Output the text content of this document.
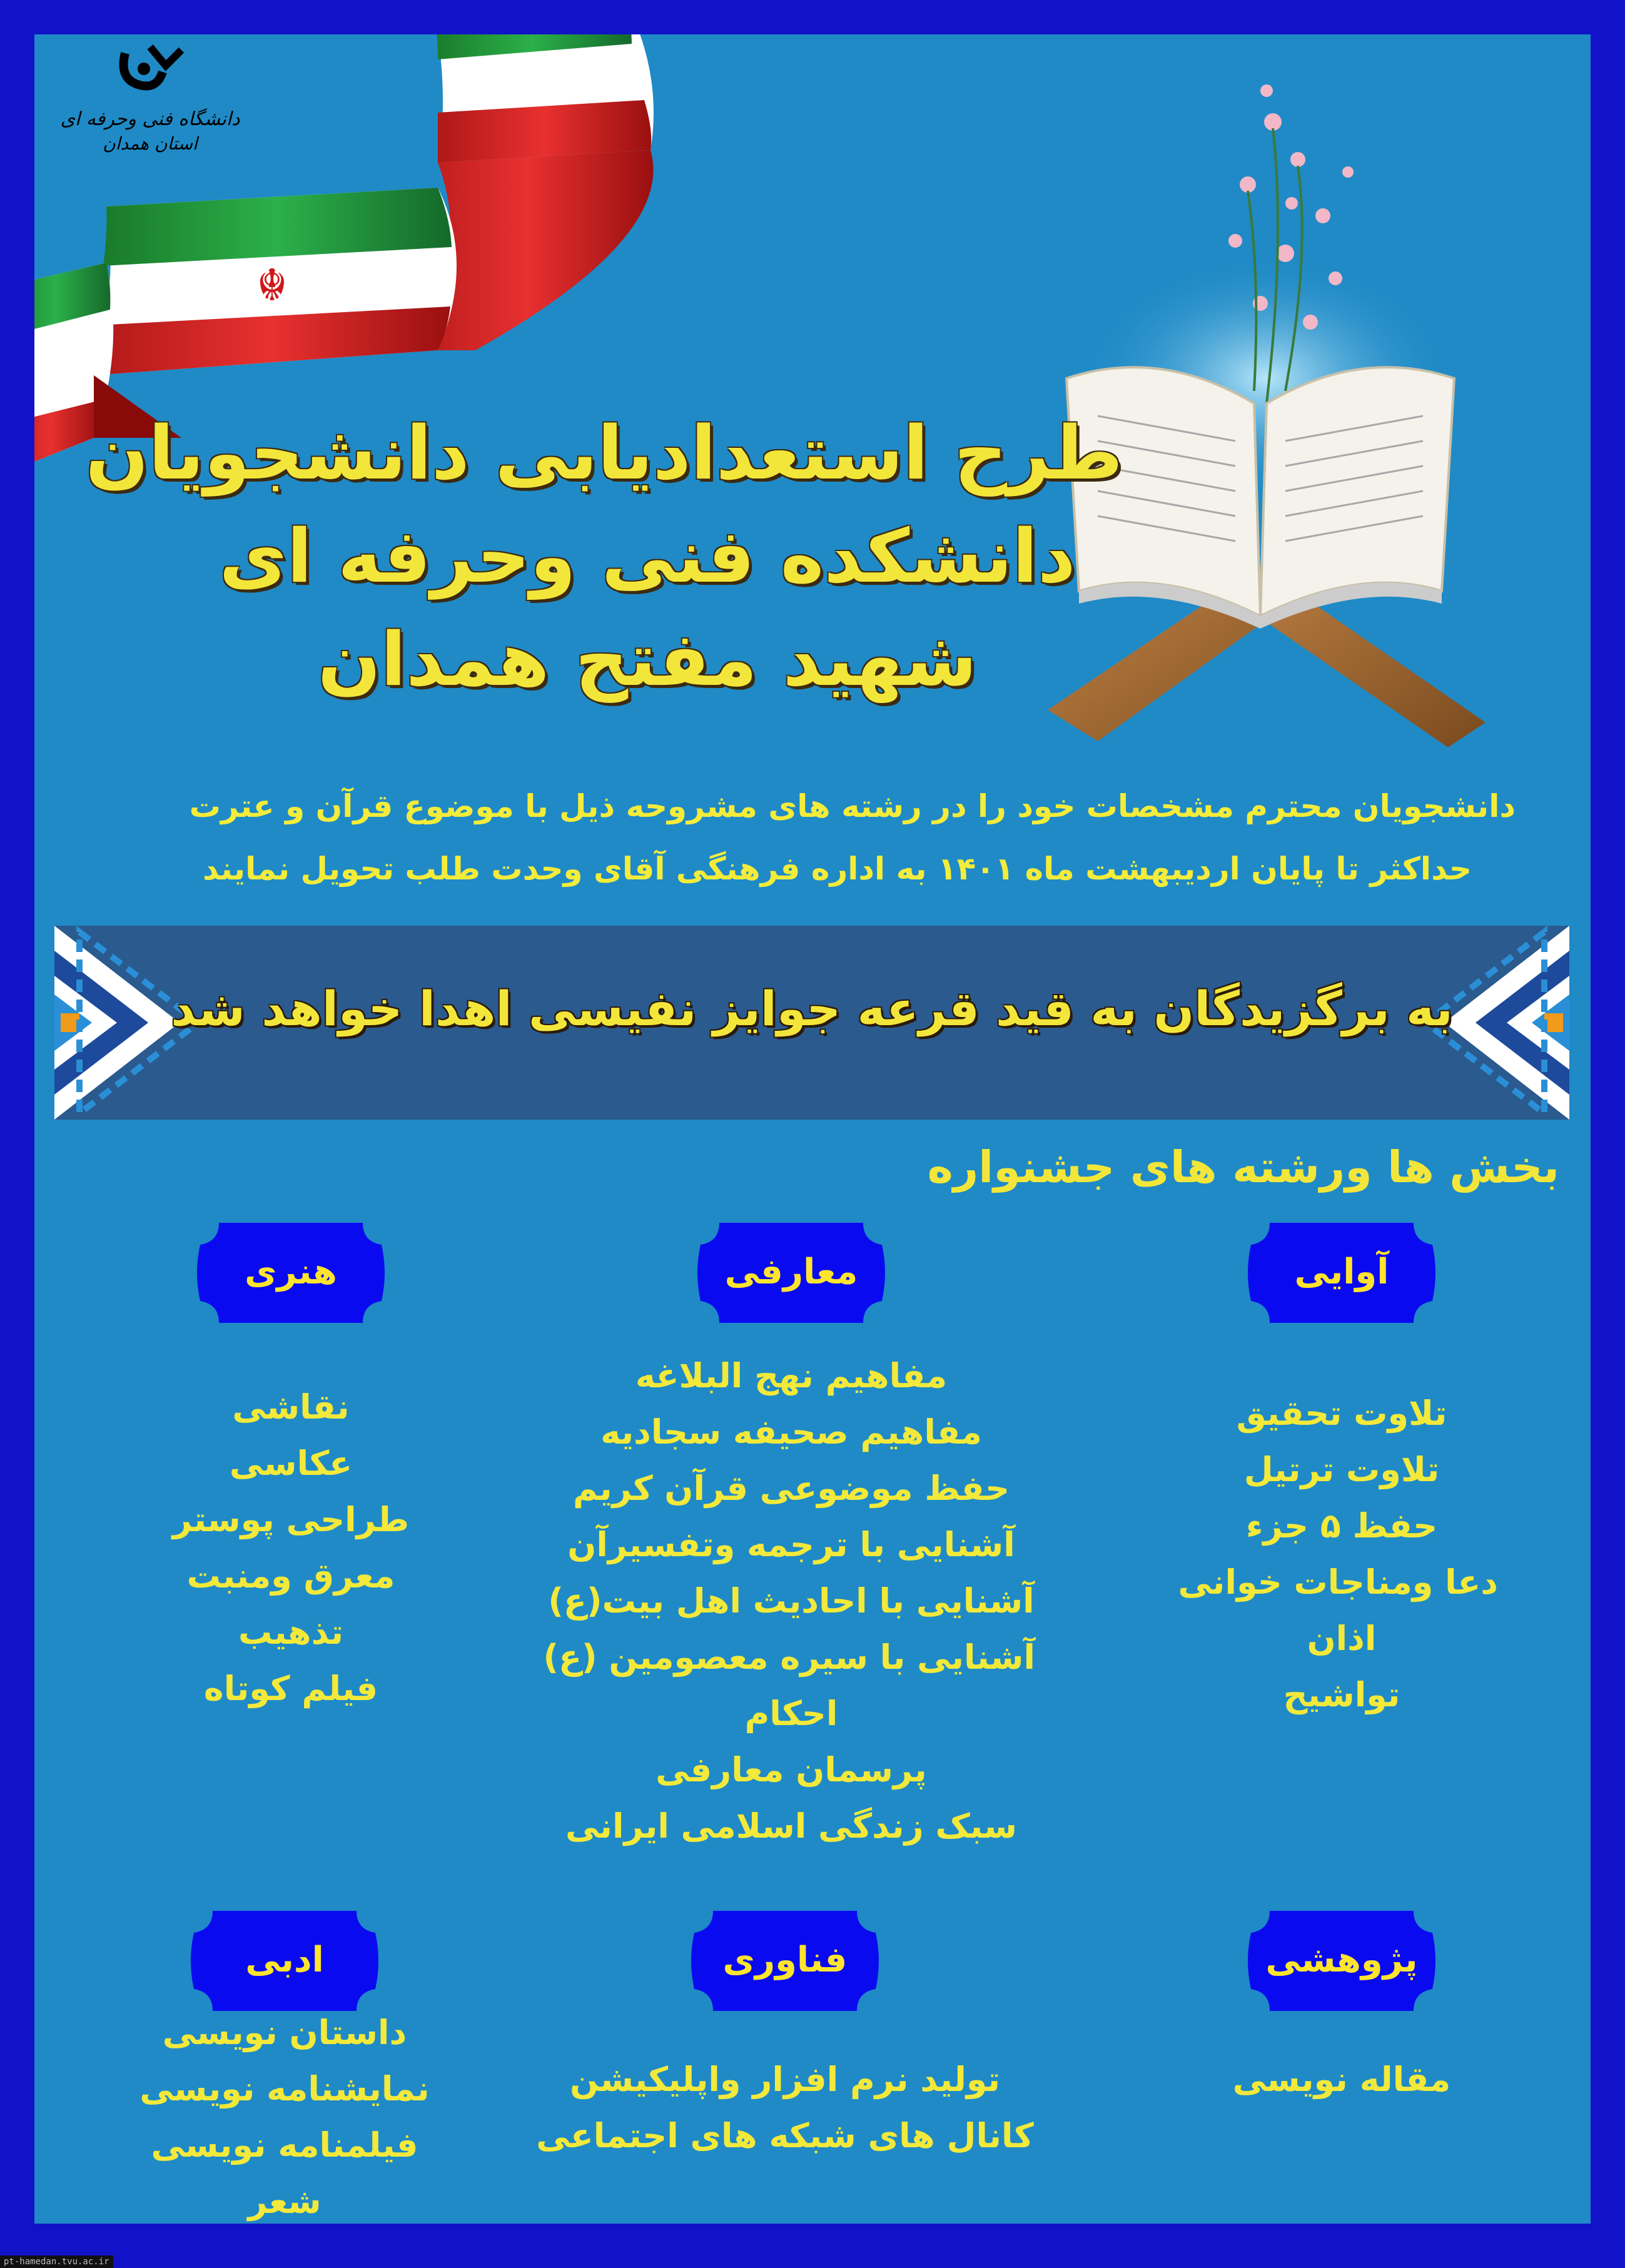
☬
دانشگاه فنی وحرفه ای
استان همدان
طرح استعدادیابی دانشجویان
دانشکده فنی وحرفه ای
شهید مفتح همدان
دانشجویان محترم مشخصات خود را در رشته های مشروحه ذیل با موضوع قرآن و عترت
حداکثر تا پایان اردیبهشت ماه ۱۴۰۱ به اداره فرهنگی آقای وحدت طلب تحویل نمایند
به برگزیدگان به قید قرعه جوایز نفیسی اهدا خواهد شد
بخش ها ورشته های جشنواره
آوایی
تلاوت تحقیق
تلاوت ترتیل
حفظ ۵ جزء
دعا ومناجات خوانی
اذان
تواشیح
معارفی
مفاهیم نهج البلاغه
مفاهیم صحیفه سجادیه
حفظ موضوعی قرآن کریم
آشنایی با ترجمه وتفسیرآن
آشنایی با احادیث اهل بیت(ع)
آشنایی با سیره معصومین (ع)
احکام
پرسمان معارفی
سبک زندگی اسلامی ایرانی
هنری
نقاشی
عکاسی
طراحی پوستر
معرق ومنبت
تذهیب
فیلم کوتاه
پژوهشی
مقاله نویسی
فناوری
تولید نرم افزار واپلیکیشن
کانال های شبکه های اجتماعی
ادبی
داستان نویسی
نمایشنامه نویسی
فیلمنامه نویسی
شعر
pt-hamedan.tvu.ac.ir
